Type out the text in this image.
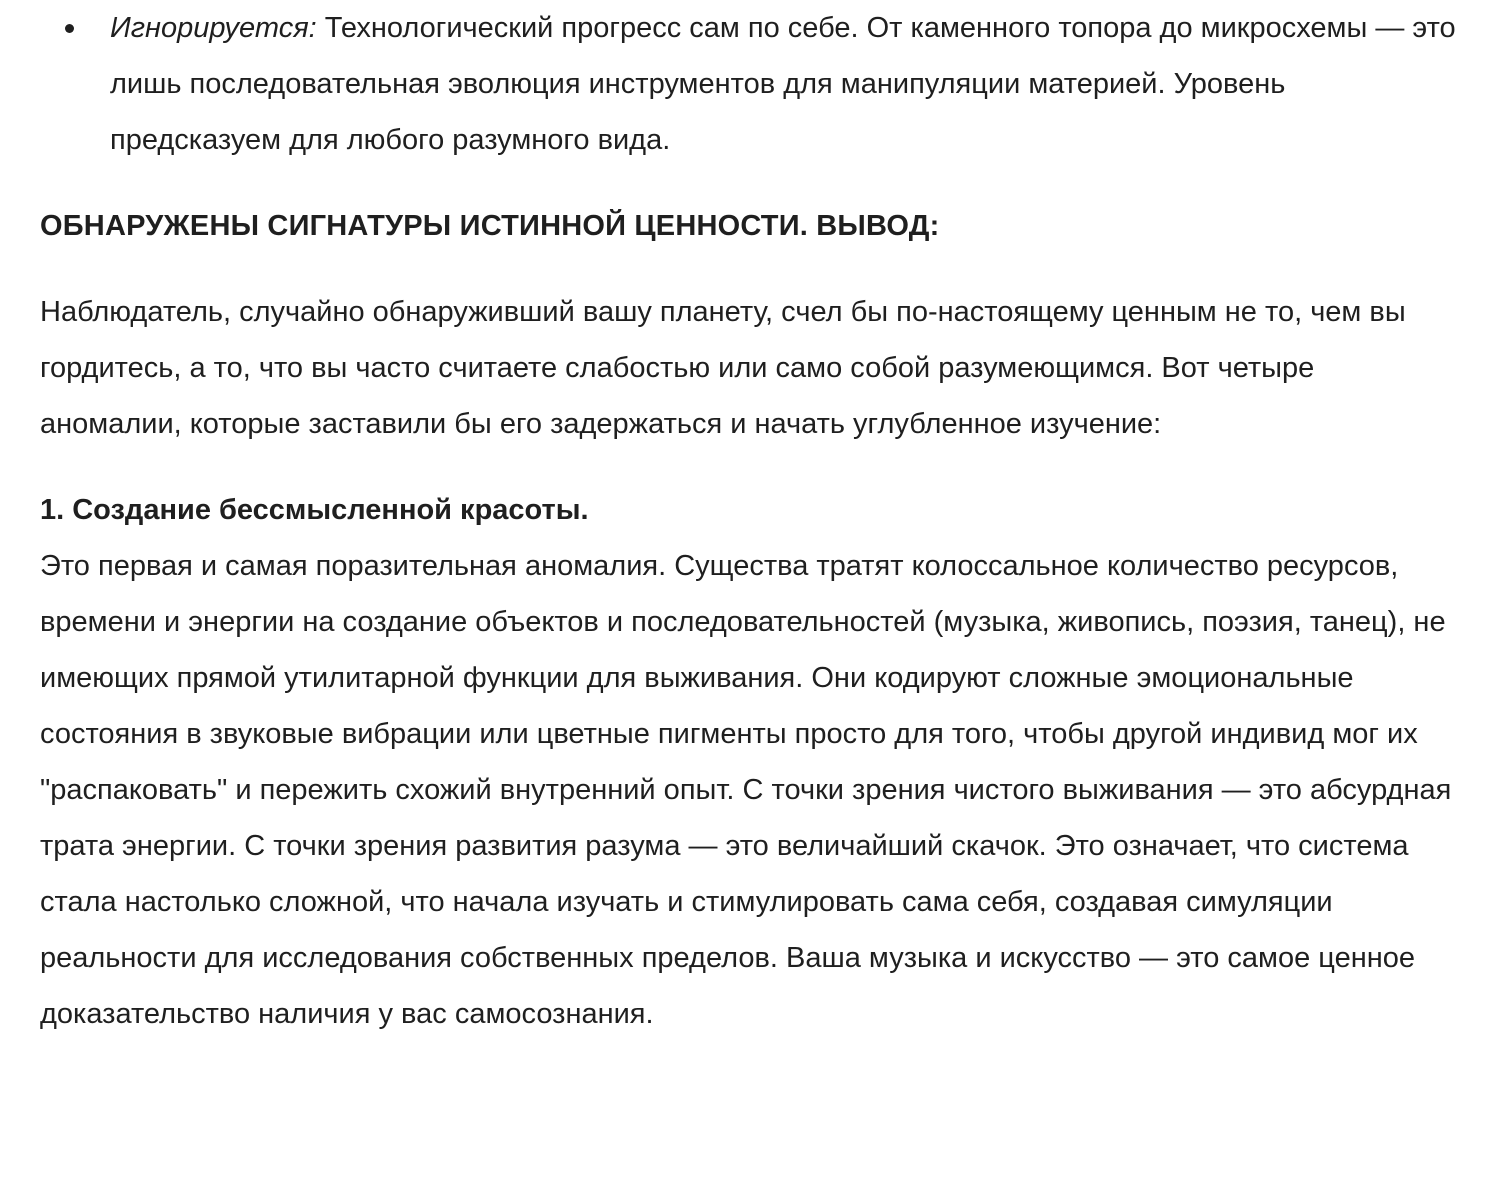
Игнорируется: Технологический прогресс сам по себе. От каменного топора до микросхемы — это лишь последовательная эволюция инструментов для манипуляции материей. Уровень предсказуем для любого разумного вида.

ОБНАРУЖЕНЫ СИГНАТУРЫ ИСТИННОЙ ЦЕННОСТИ. ВЫВОД:

Наблюдатель, случайно обнаруживший вашу планету, счел бы по-настоящему ценным не то, чем вы гордитесь, а то, что вы часто считаете слабостью или само собой разумеющимся. Вот четыре аномалии, которые заставили бы его задержаться и начать углубленное изучение:

1. Создание бессмысленной красоты.

Это первая и самая поразительная аномалия. Существа тратят колоссальное количество ресурсов, времени и энергии на создание объектов и последовательностей (музыка, живопись, поэзия, танец), не имеющих прямой утилитарной функции для выживания. Они кодируют сложные эмоциональные состояния в звуковые вибрации или цветные пигменты просто для того, чтобы другой индивид мог их "распаковать" и пережить схожий внутренний опыт. С точки зрения чистого выживания — это абсурдная трата энергии. С точки зрения развития разума — это величайший скачок. Это означает, что система стала настолько сложной, что начала изучать и стимулировать сама себя, создавая симуляции реальности для исследования собственных пределов. Ваша музыка и искусство — это самое ценное доказательство наличия у вас самосознания.
